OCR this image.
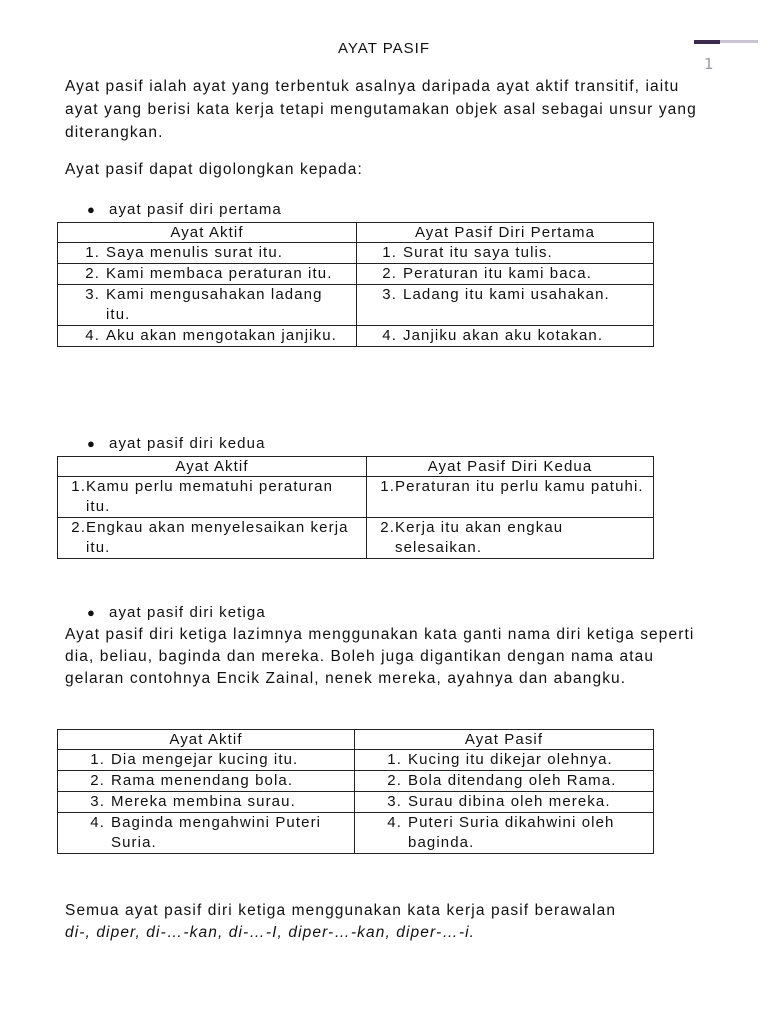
1
AYAT PASIF

Ayat pasif ialah ayat yang terbentuk asalnya daripada ayat aktif transitif, iaitu ayat yang berisi kata kerja tetapi mengutamakan objek asal sebagai unsur yang diterangkan.

Ayat pasif dapat digolongkan kepada:

● ayat pasif diri pertama
Ayat Aktif	Ayat Pasif Diri Pertama

1. Saya menulis surat itu.	1. Surat itu saya tulis.

2. Kami membaca peraturan itu.	2. Peraturan itu kami baca.

3. Kami mengusahakan ladang itu.	3. Ladang itu kami usahakan.

4. Aku akan mengotakan janjiku.	4. Janjiku akan aku kotakan.
● ayat pasif diri kedua
Ayat Aktif	Ayat Pasif Diri Kedua

1. Kamu perlu mematuhi peraturan itu.	1. Peraturan itu perlu kamu patuhi.

2. Engkau akan menyelesaikan kerja itu.	2. Kerja itu akan engkau selesaikan.
● ayat pasif diri ketiga

Ayat pasif diri ketiga lazimnya menggunakan kata ganti nama diri ketiga seperti dia, beliau, baginda dan mereka. Boleh juga digantikan dengan nama atau gelaran contohnya Encik Zainal, nenek mereka, ayahnya dan abangku.

Ayat Aktif	Ayat Pasif

1. Dia mengejar kucing itu.	1. Kucing itu dikejar olehnya.

2. Rama menendang bola.	2. Bola ditendang oleh Rama.

3. Mereka membina surau.	3. Surau dibina oleh mereka.

4. Baginda mengahwini Puteri Suria.	4. Puteri Suria dikahwini oleh baginda.

Semua ayat pasif diri ketiga menggunakan kata kerja pasif berawalan
di-, diper, di-…-kan, di-…-I, diper-…-kan, diper-…-i.
